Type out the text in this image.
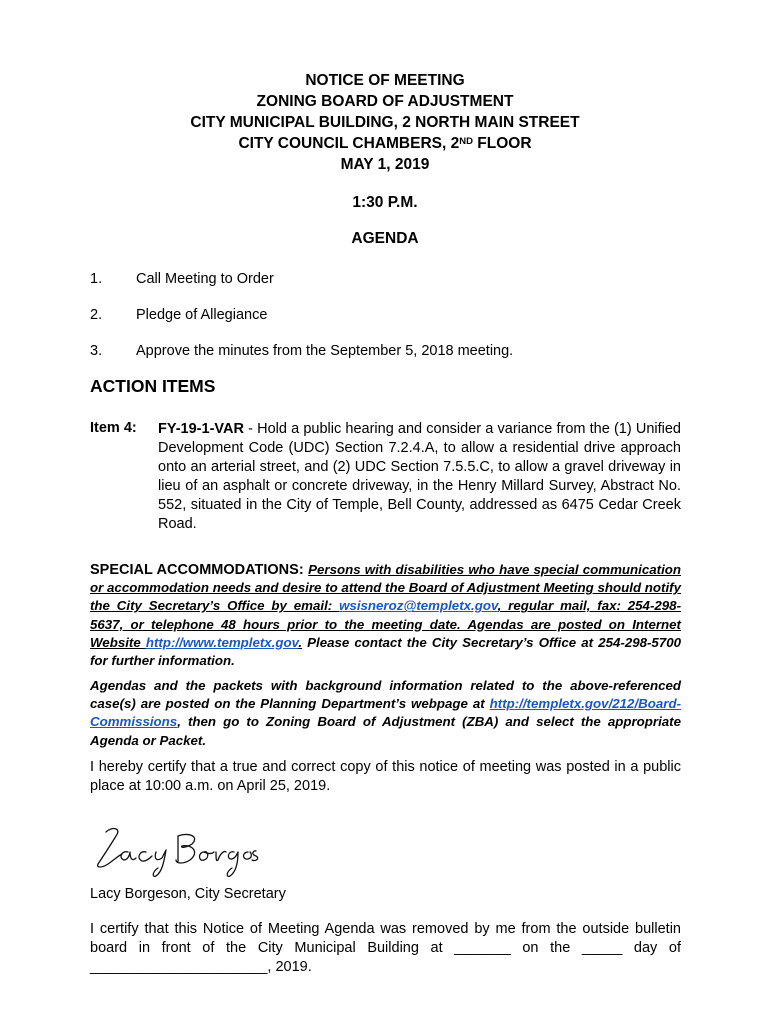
NOTICE OF MEETING
ZONING BOARD OF ADJUSTMENT
CITY MUNICIPAL BUILDING, 2 NORTH MAIN STREET
CITY COUNCIL CHAMBERS, 2ND FLOOR
MAY 1, 2019
1:30 P.M.
AGENDA
1. Call Meeting to Order
2. Pledge of Allegiance
3. Approve the minutes from the September 5, 2018 meeting.
ACTION ITEMS
Item 4: FY-19-1-VAR - Hold a public hearing and consider a variance from the (1) Unified Development Code (UDC) Section 7.2.4.A, to allow a residential drive approach onto an arterial street, and (2) UDC Section 7.5.5.C, to allow a gravel driveway in lieu of an asphalt or concrete driveway, in the Henry Millard Survey, Abstract No. 552, situated in the City of Temple, Bell County, addressed as 6475 Cedar Creek Road.
SPECIAL ACCOMMODATIONS: Persons with disabilities who have special communication or accommodation needs and desire to attend the Board of Adjustment Meeting should notify the City Secretary’s Office by email: wsisneroz@templetx.gov, regular mail, fax: 254-298-5637, or telephone 48 hours prior to the meeting date. Agendas are posted on Internet Website http://www.templetx.gov. Please contact the City Secretary’s Office at 254-298-5700 for further information.
Agendas and the packets with background information related to the above-referenced case(s) are posted on the Planning Department’s webpage at http://templetx.gov/212/Board-Commissions, then go to Zoning Board of Adjustment (ZBA) and select the appropriate Agenda or Packet.
I hereby certify that a true and correct copy of this notice of meeting was posted in a public place at 10:00 a.m. on April 25, 2019.
Lacy Borgeson, City Secretary
I certify that this Notice of Meeting Agenda was removed by me from the outside bulletin
board in front of the City Municipal Building at _______ on the _____ day of
______________________, 2019.
